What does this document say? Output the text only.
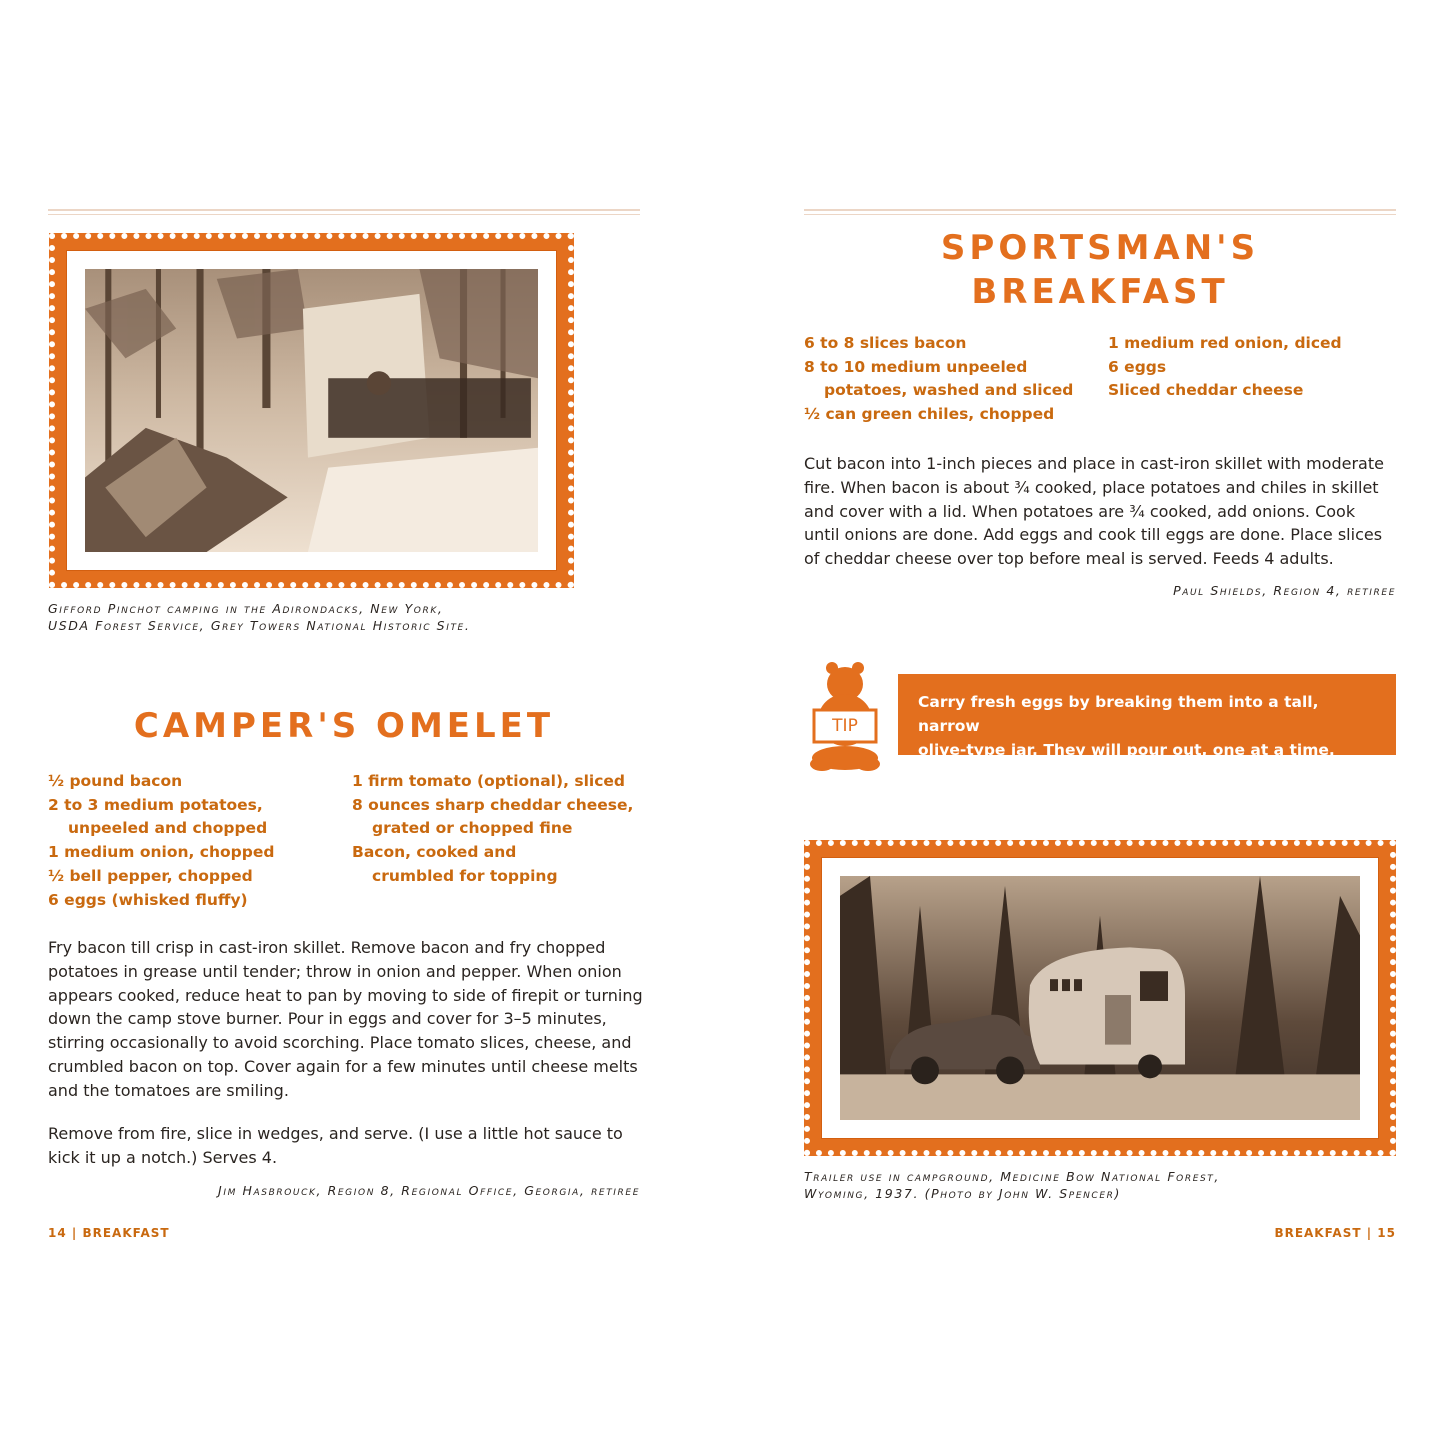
Gifford Pinchot camping in the Adirondacks, New York,
USDA Forest Service, Grey Towers National Historic Site.
CAMPER'S OMELET
½ pound bacon
2 to 3 medium potatoes,
unpeeled and chopped
1 medium onion, chopped
½ bell pepper, chopped
6 eggs (whisked fluffy)
1 firm tomato (optional), sliced
8 ounces sharp cheddar cheese,
grated or chopped fine
Bacon, cooked and
crumbled for topping
Fry bacon till crisp in cast-iron skillet. Remove bacon and fry chopped
potatoes in grease until tender; throw in onion and pepper. When onion
appears cooked, reduce heat to pan by moving to side of firepit or turning
down the camp stove burner. Pour in eggs and cover for 3–5 minutes,
stirring occasionally to avoid scorching. Place tomato slices, cheese, and
crumbled bacon on top. Cover again for a few minutes until cheese melts
and the tomatoes are smiling.
Remove from fire, slice in wedges, and serve. (I use a little hot sauce to
kick it up a notch.) Serves 4.
Jim Hasbrouck, Region 8, Regional Office, Georgia, retiree
14 | BREAKFAST
SPORTSMAN'S
BREAKFAST
6 to 8 slices bacon
8 to 10 medium unpeeled
potatoes, washed and sliced
½ can green chiles, chopped
1 medium red onion, diced
6 eggs
Sliced cheddar cheese
Cut bacon into 1-inch pieces and place in cast-iron skillet with moderate
fire. When bacon is about ¾ cooked, place potatoes and chiles in skillet
and cover with a lid. When potatoes are ¾ cooked, add onions. Cook
until onions are done. Add eggs and cook till eggs are done. Place slices
of cheddar cheese over top before meal is served. Feeds 4 adults.
Paul Shields, Region 4, retiree
TIP
Carry fresh eggs by breaking them into a tall, narrow
olive-type jar. They will pour out, one at a time.
Trailer use in campground, Medicine Bow National Forest,
Wyoming, 1937. (Photo by John W. Spencer)
BREAKFAST | 15
